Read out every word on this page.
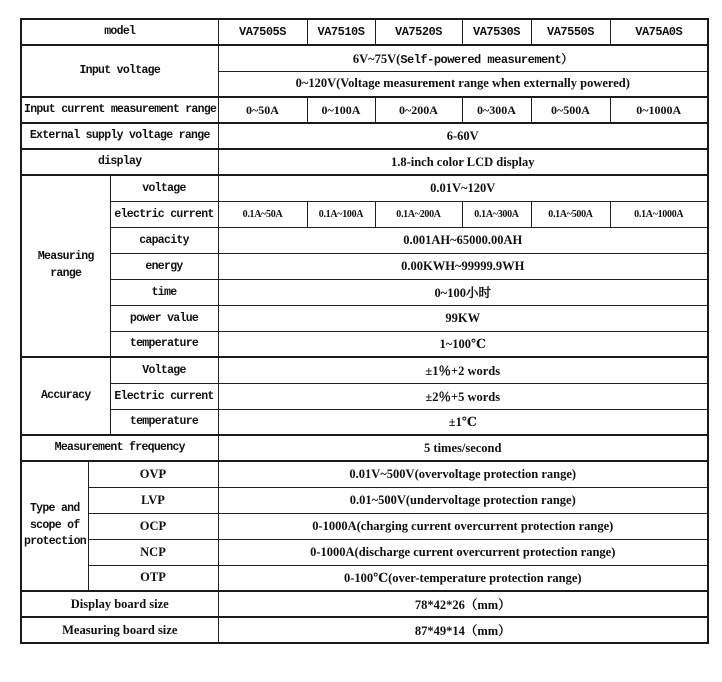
model			VA7505S	VA7510S	VA7520S	VA7530S	VA7550S	VA75A0S
Input voltage			6V~75V(Self-powered measurement）					
			0~120V(Voltage measurement range when externally powered)					
Input current measurement range			0~50A	0~100A	0~200A	0~300A	0~500A	0~1000A
External supply voltage range			6-60V					
display			1.8-inch color LCD display					
Measuring range		voltage	0.01V~120V					
		electric current	0.1A~50A	0.1A~100A	0.1A~200A	0.1A~300A	0.1A~500A	0.1A~1000A
		capacity	0.001AH~65000.00AH					
		energy	0.00KWH~99999.9WH					
		time	0~100小时					
		power value	99KW					
		temperature	1~100℃					
Accuracy		Voltage	±1％+2 words					
		Electric current	±2％+5 words					
		temperature	±1℃					
Measurement frequency			5 times/second					
Type and scope of protection	OVP		0.01V~500V(overvoltage protection range)					
	LVP		0.01~500V(undervoltage protection range)					
	OCP		0-1000A(charging current overcurrent protection range)					
	NCP		0-1000A(discharge current overcurrent protection range)					
	OTP		0-100℃(over-temperature protection range)					
Display board size			78*42*26（mm）					
Measuring board size			87*49*14（mm）					
